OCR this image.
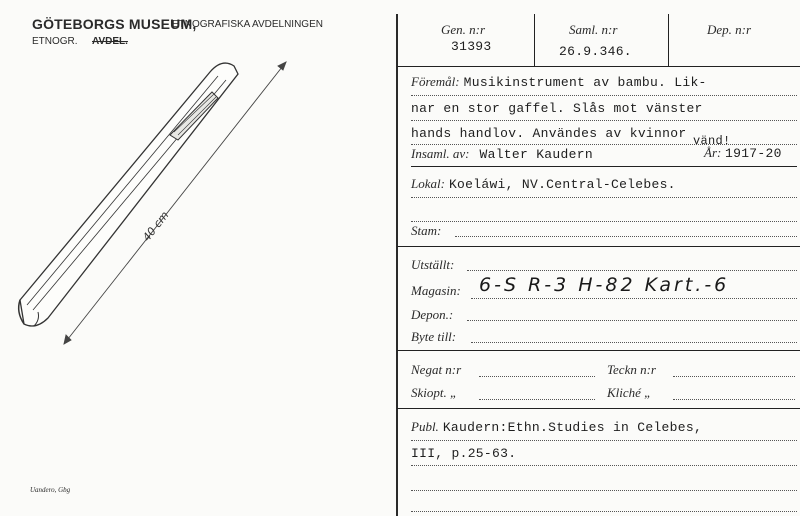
GÖTEBORGS MUSEUM,
ETNOGRAFISKA AVDELNINGEN
ETNOGR. AVDEL.
40 cm
Uandero, Gbg
Gen. n:r
31393
Saml. n:r
26.9.346.
Dep. n:r
Föremål: Musikinstrument av bambu. Lik-
nar en stor gaffel. Slås mot vänster
hands handlov. Användes av kvinnor vänd!
Insaml. av: Walter Kaudern	År: 1917-20
Lokal: Koeláwi, NV.Central-Celebes.
Stam:
Utställt:
$_{Magasin:}$ 6-S R-3 H-82 Kart.-6
$_{Depon.:}$
$_{Byte till:}$
Negat n:r	Teckn n:r
Skiopt. „	Kliché „
Publ. Kaudern:Ethn.Studies in Celebes,
III, p.25-63.
